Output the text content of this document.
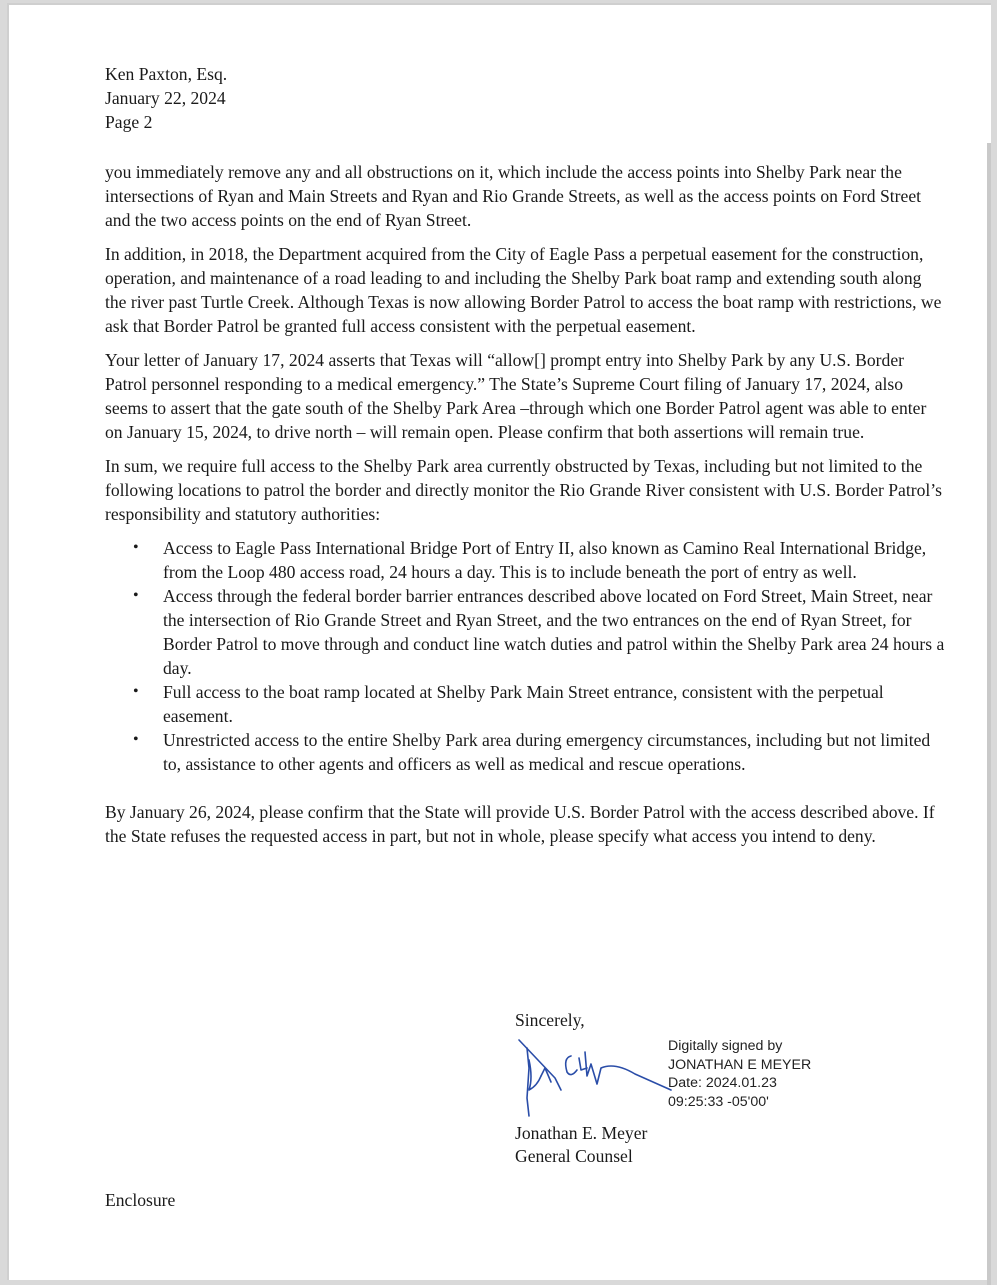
Ken Paxton, Esq.
January 22, 2024
Page 2

you immediately remove any and all obstructions on it, which include the access points into Shelby Park near the intersections of Ryan and Main Streets and Ryan and Rio Grande Streets, as well as the access points on Ford Street and the two access points on the end of Ryan Street.

In addition, in 2018, the Department acquired from the City of Eagle Pass a perpetual easement for the construction, operation, and maintenance of a road leading to and including the Shelby Park boat ramp and extending south along the river past Turtle Creek. Although Texas is now allowing Border Patrol to access the boat ramp with restrictions, we ask that Border Patrol be granted full access consistent with the perpetual easement.

Your letter of January 17, 2024 asserts that Texas will “allow[] prompt entry into Shelby Park by any U.S. Border Patrol personnel responding to a medical emergency.” The State’s Supreme Court filing of January 17, 2024, also seems to assert that the gate south of the Shelby Park Area –through which one Border Patrol agent was able to enter on January 15, 2024, to drive north – will remain open. Please confirm that both assertions will remain true.

In sum, we require full access to the Shelby Park area currently obstructed by Texas, including but not limited to the following locations to patrol the border and directly monitor the Rio Grande River consistent with U.S. Border Patrol’s responsibility and statutory authorities:

• Access to Eagle Pass International Bridge Port of Entry II, also known as Camino Real International Bridge, from the Loop 480 access road, 24 hours a day. This is to include beneath the port of entry as well.
• Access through the federal border barrier entrances described above located on Ford Street, Main Street, near the intersection of Rio Grande Street and Ryan Street, and the two entrances on the end of Ryan Street, for Border Patrol to move through and conduct line watch duties and patrol within the Shelby Park area 24 hours a day.
• Full access to the boat ramp located at Shelby Park Main Street entrance, consistent with the perpetual easement.
• Unrestricted access to the entire Shelby Park area during emergency circumstances, including but not limited to, assistance to other agents and officers as well as medical and rescue operations.

By January 26, 2024, please confirm that the State will provide U.S. Border Patrol with the access described above. If the State refuses the requested access in part, but not in whole, please specify what access you intend to deny.

Sincerely,
Digitally signed by
JONATHAN E MEYER
Date: 2024.01.23
09:25:33 -05'00'
Jonathan E. Meyer
General Counsel
Enclosure
